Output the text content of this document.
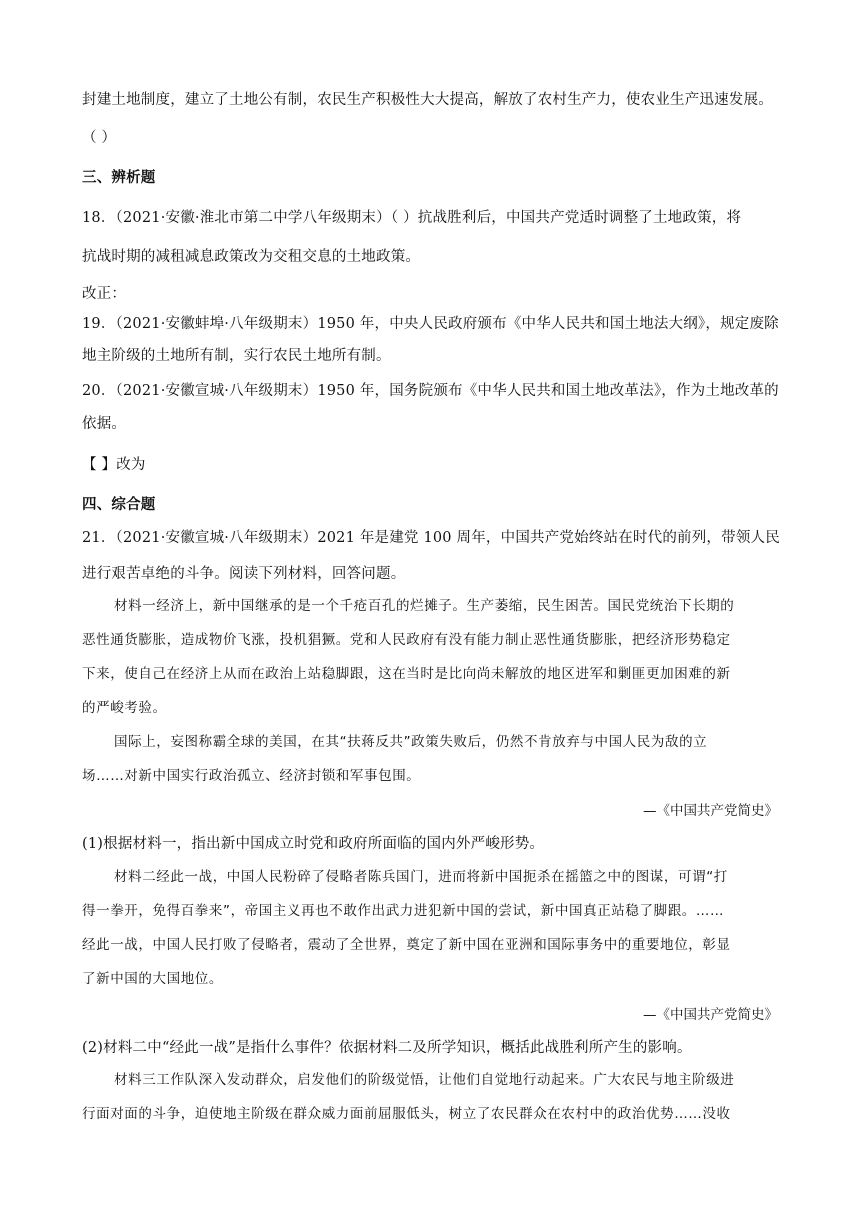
封建土地制度，建立了土地公有制，农民生产积极性大大提高，解放了农村生产力，使农业生产迅速发展。
（ ）
三、辨析题
18．（2021·安徽·淮北市第二中学八年级期末）（ ）抗战胜利后，中国共产党适时调整了土地政策，将
抗战时期的减租减息政策改为交租交息的土地政策。
改正：
19．（2021·安徽蚌埠·八年级期末）1950 年，中央人民政府颁布《中华人民共和国土地法大纲》，规定废除
地主阶级的土地所有制，实行农民土地所有制。
20．（2021·安徽宣城·八年级期末）1950 年，国务院颁布《中华人民共和国土地改革法》，作为土地改革的
依据。
【 】改为
四、综合题
21．（2021·安徽宣城·八年级期末）2021 年是建党 100 周年，中国共产党始终站在时代的前列，带领人民
进行艰苦卓绝的斗争。阅读下列材料，回答问题。
材料一经济上，新中国继承的是一个千疮百孔的烂摊子。生产萎缩，民生困苦。国民党统治下长期的
恶性通货膨胀，造成物价飞涨，投机猖獗。党和人民政府有没有能力制止恶性通货膨胀，把经济形势稳定
下来，使自己在经济上从而在政治上站稳脚跟，这在当时是比向尚未解放的地区进军和剿匪更加困难的新
的严峻考验。
国际上，妄图称霸全球的美国，在其“扶蒋反共”政策失败后，仍然不肯放弃与中国人民为敌的立
场……对新中国实行政治孤立、经济封锁和军事包围。
—《中国共产党简史》
(1)根据材料一，指出新中国成立时党和政府所面临的国内外严峻形势。
材料二经此一战，中国人民粉碎了侵略者陈兵国门，进而将新中国扼杀在摇篮之中的图谋，可谓“打
得一拳开，免得百拳来”，帝国主义再也不敢作出武力进犯新中国的尝试，新中国真正站稳了脚跟。……
经此一战，中国人民打败了侵略者，震动了全世界，奠定了新中国在亚洲和国际事务中的重要地位，彰显
了新中国的大国地位。
—《中国共产党简史》
(2)材料二中“经此一战”是指什么事件？依据材料二及所学知识，概括此战胜利所产生的影响。
材料三工作队深入发动群众，启发他们的阶级觉悟，让他们自觉地行动起来。广大农民与地主阶级进
行面对面的斗争，迫使地主阶级在群众威力面前屈服低头，树立了农民群众在农村中的政治优势……没收
